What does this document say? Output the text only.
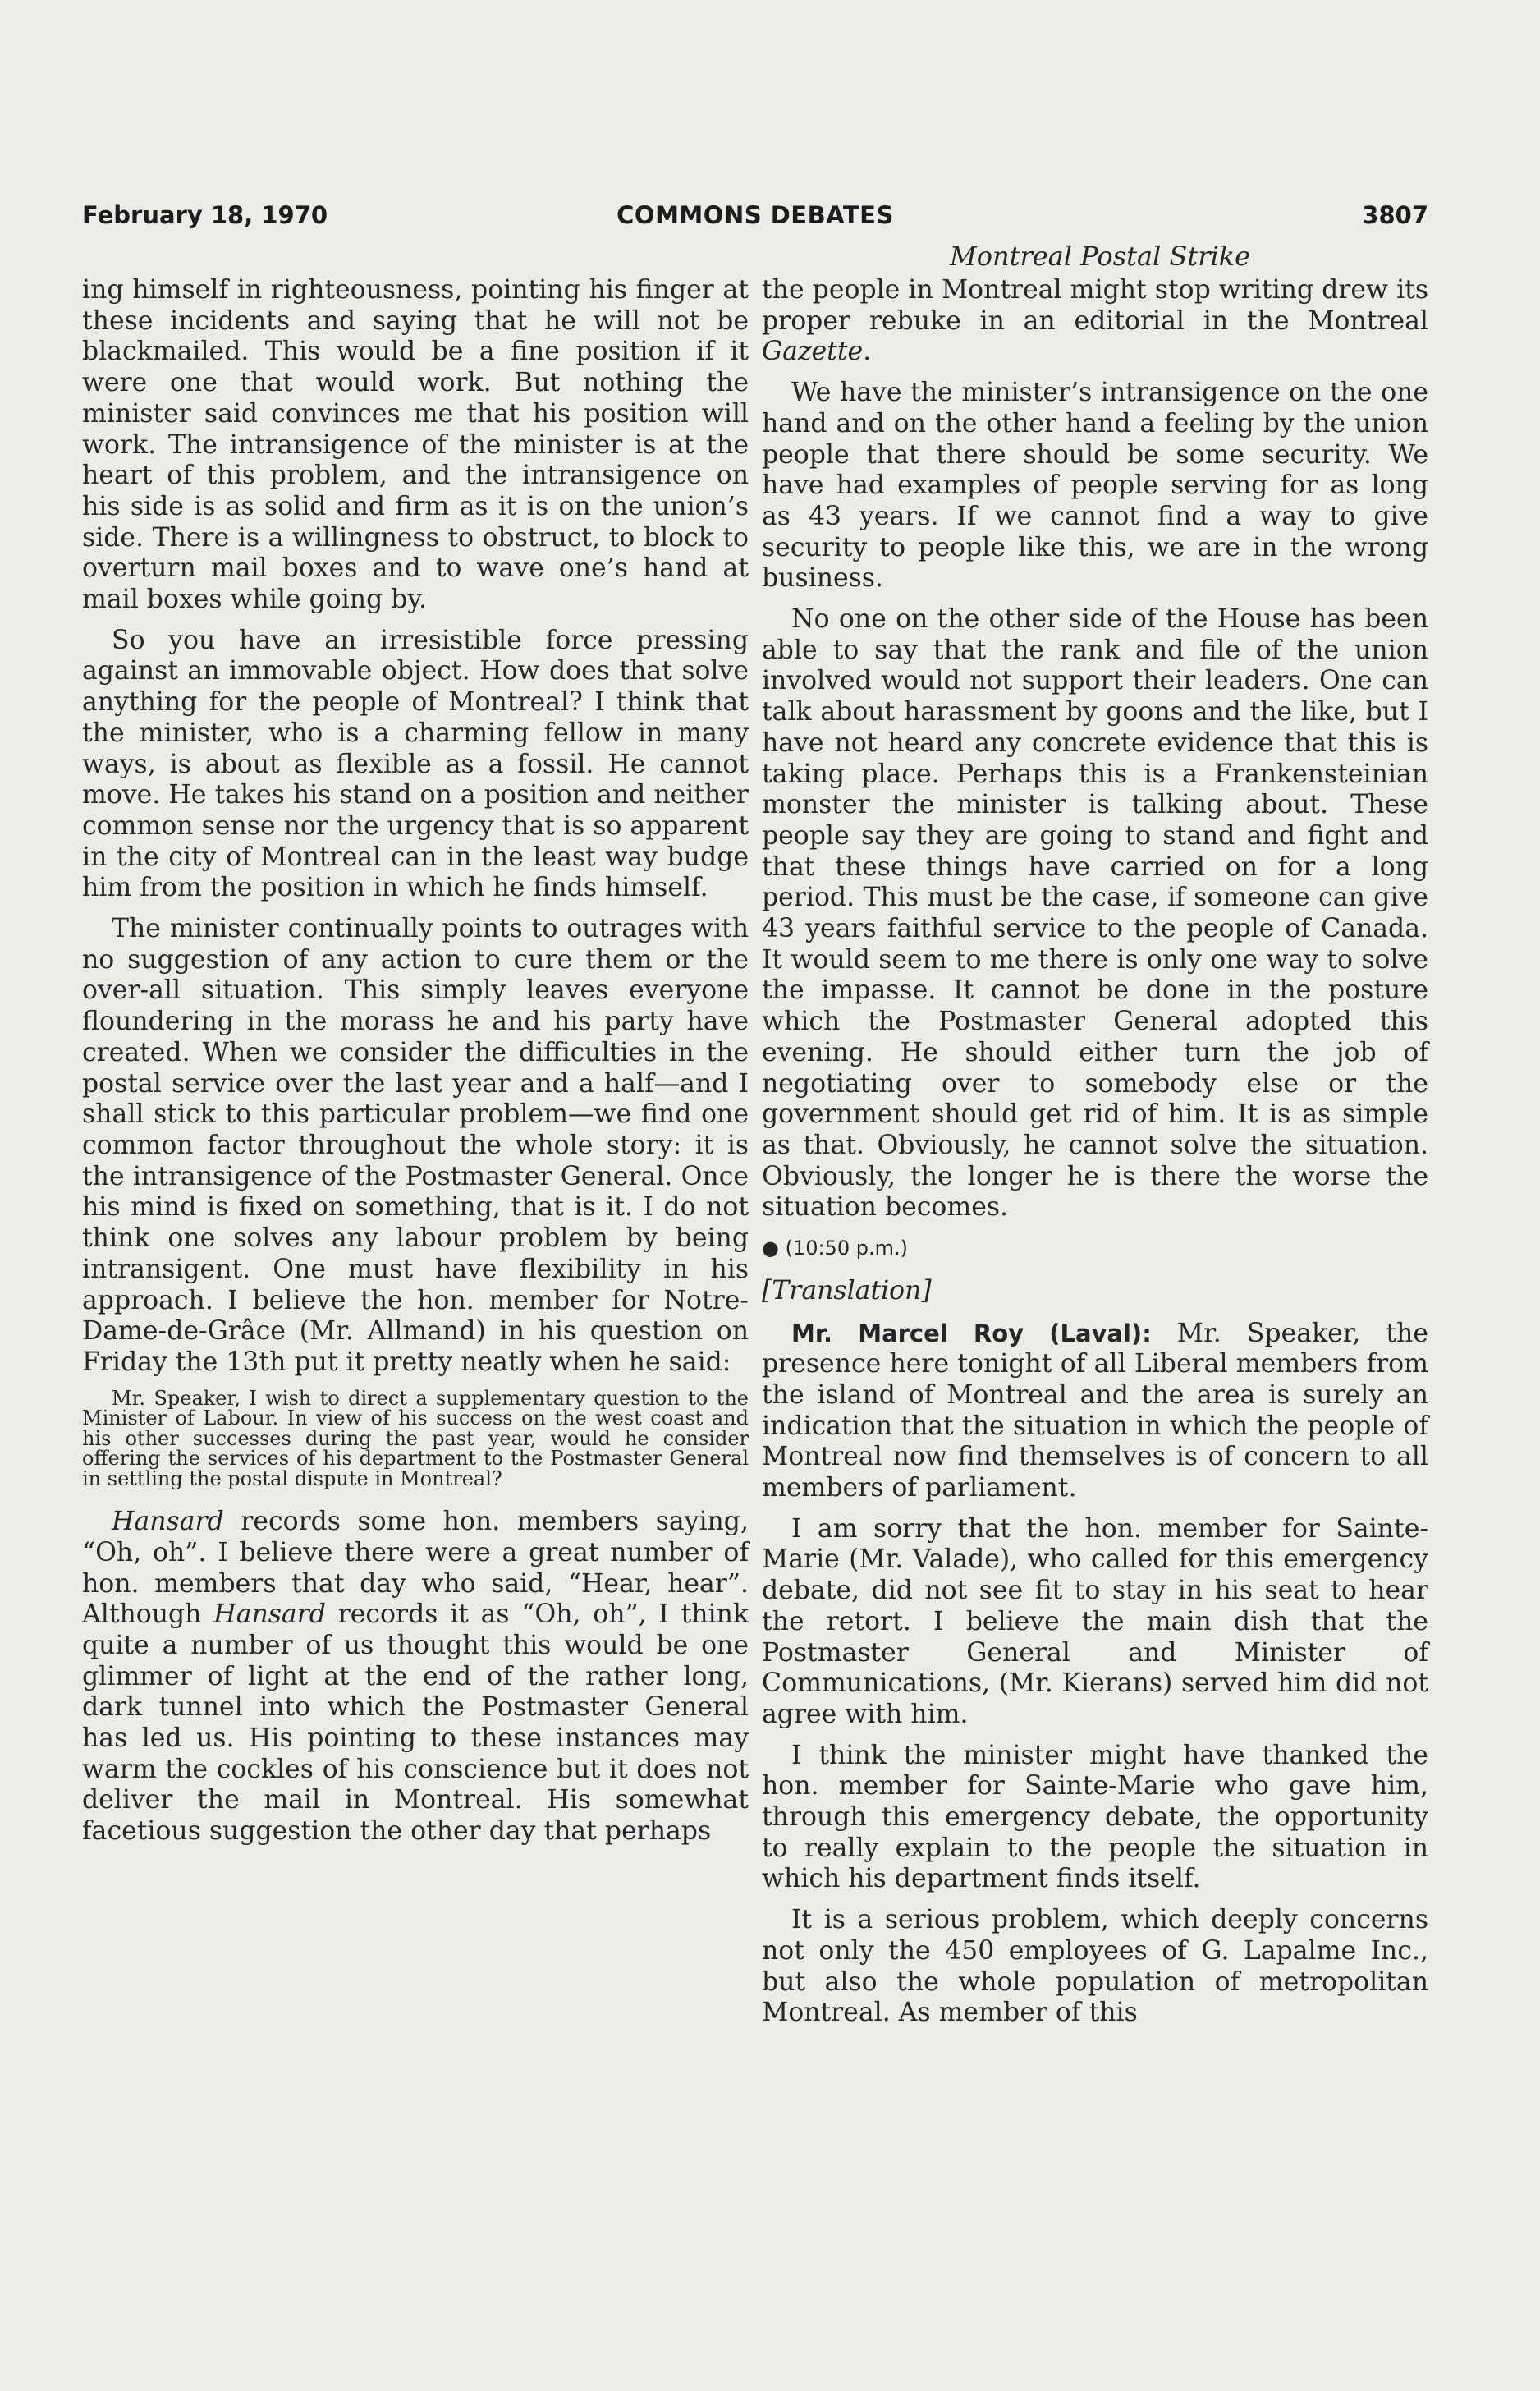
February 18, 1970	COMMONS DEBATES	3807
Montreal Postal Strike

ing himself in righteousness, pointing his finger at these incidents and saying that he will not be blackmailed. This would be a fine position if it were one that would work. But nothing the minister said convinces me that his position will work. The intransigence of the minister is at the heart of this problem, and the intransigence on his side is as solid and firm as it is on the union’s side. There is a willingness to obstruct, to block to overturn mail boxes and to wave one’s hand at mail boxes while going by.

So you have an irresistible force pressing against an immovable object. How does that solve anything for the people of Montreal? I think that the minister, who is a charming fellow in many ways, is about as flexible as a fossil. He cannot move. He takes his stand on a position and neither common sense nor the urgency that is so apparent in the city of Montreal can in the least way budge him from the position in which he finds himself.

The minister continually points to outrages with no suggestion of any action to cure them or the over-all situation. This simply leaves everyone floundering in the morass he and his party have created. When we consider the difficulties in the postal service over the last year and a half—and I shall stick to this particular problem—we find one common factor throughout the whole story: it is the intransigence of the Postmaster General. Once his mind is fixed on something, that is it. I do not think one solves any labour problem by being intransigent. One must have flexibility in his approach. I believe the hon. member for Notre-Dame-de-Grâce (Mr. Allmand) in his question on Friday the 13th put it pretty neatly when he said:

Mr. Speaker, I wish to direct a supplementary question to the Minister of Labour. In view of his success on the west coast and his other successes during the past year, would he consider offering the services of his department to the Postmaster General in settling the postal dispute in Montreal?

Hansard records some hon. members saying, “Oh, oh”. I believe there were a great number of hon. members that day who said, “Hear, hear”. Although Hansard records it as “Oh, oh”, I think quite a number of us thought this would be one glimmer of light at the end of the rather long, dark tunnel into which the Postmaster General has led us. His pointing to these instances may warm the cockles of his conscience but it does not deliver the mail in Montreal. His somewhat facetious suggestion the other day that perhaps

the people in Montreal might stop writing drew its proper rebuke in an editorial in the Montreal Gazette.

We have the minister’s intransigence on the one hand and on the other hand a feeling by the union people that there should be some security. We have had examples of people serving for as long as 43 years. If we cannot find a way to give security to people like this, we are in the wrong business.

No one on the other side of the House has been able to say that the rank and file of the union involved would not support their leaders. One can talk about harassment by goons and the like, but I have not heard any concrete evidence that this is taking place. Perhaps this is a Frankensteinian monster the minister is talking about. These people say they are going to stand and fight and that these things have carried on for a long period. This must be the case, if someone can give 43 years faithful service to the people of Canada. It would seem to me there is only one way to solve the impasse. It cannot be done in the posture which the Postmaster General adopted this evening. He should either turn the job of negotiating over to somebody else or the government should get rid of him. It is as simple as that. Obviously, he cannot solve the situation. Obviously, the longer he is there the worse the situation becomes.

● (10:50 p.m.)

[Translation]

Mr. Marcel Roy (Laval): Mr. Speaker, the presence here tonight of all Liberal members from the island of Montreal and the area is surely an indication that the situation in which the people of Montreal now find themselves is of concern to all members of parliament.

I am sorry that the hon. member for Sainte-Marie (Mr. Valade), who called for this emergency debate, did not see fit to stay in his seat to hear the retort. I believe the main dish that the Postmaster General and Minister of Communications, (Mr. Kierans) served him did not agree with him.

I think the minister might have thanked the hon. member for Sainte-Marie who gave him, through this emergency debate, the opportunity to really explain to the people the situation in which his department finds itself.

It is a serious problem, which deeply concerns not only the 450 employees of G. Lapalme Inc., but also the whole population of metropolitan Montreal. As member of this
